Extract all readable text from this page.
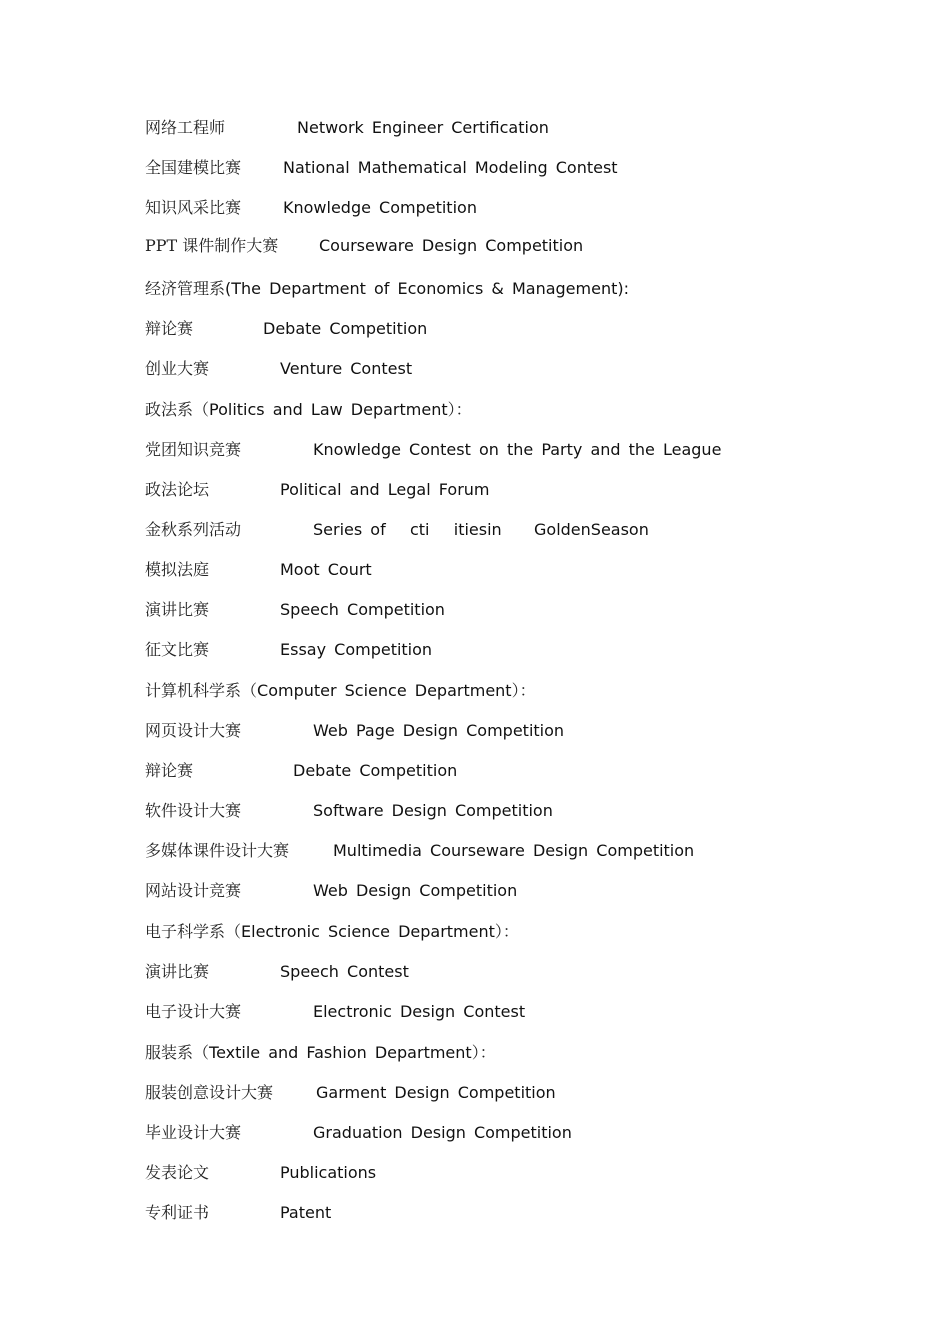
网络工程师	Network Engineer Certification
全国建模比赛	National Mathematical Modeling Contest
知识风采比赛	Knowledge Competition
PPT 课件制作大赛	Courseware Design Competition
经济管理系(The Department of Economics & Management):
辩论赛	Debate Competition
创业大赛	Venture Contest
政法系（Politics and Law Department）：
党团知识竞赛	Knowledge Contest on the Party and the League
政法论坛	Political and Legal Forum
金秋系列活动	Series of   cti   itiesin    GoldenSeason
模拟法庭	Moot Court
演讲比赛	Speech Competition
征文比赛	Essay Competition
计算机科学系（Computer Science Department）：
网页设计大赛	Web Page Design Competition
辩论赛	Debate Competition
软件设计大赛	Software Design Competition
多媒体课件设计大赛	Multimedia Courseware Design Competition
网站设计竞赛	Web Design Competition
电子科学系（Electronic Science Department）：
演讲比赛	Speech Contest
电子设计大赛	Electronic Design Contest
服装系（Textile and Fashion Department）：
服装创意设计大赛	Garment Design Competition
毕业设计大赛	Graduation Design Competition
发表论文	Publications
专利证书	Patent
